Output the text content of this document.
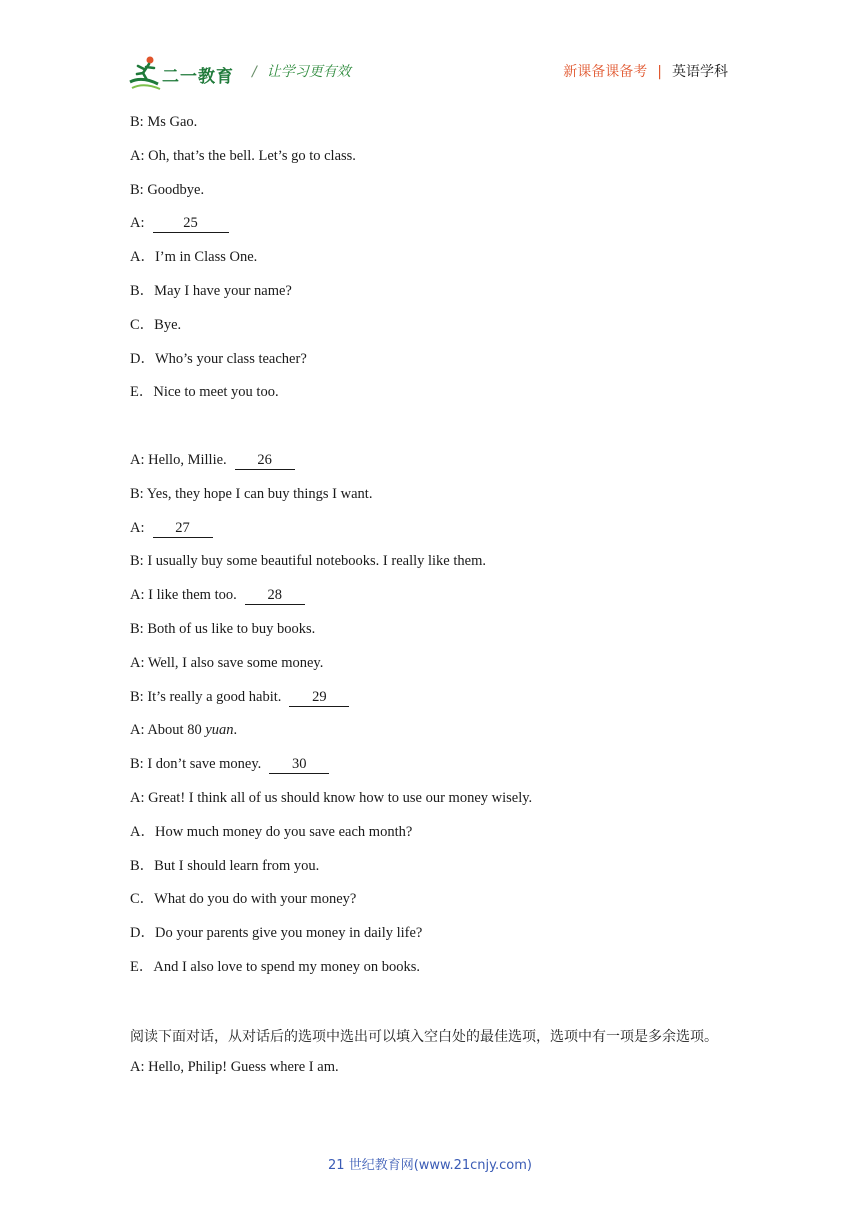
二一教育 / 让学习更有效	新课备课备考 | 英语学科
B: Ms Gao.
A: Oh, that’s the bell. Let’s go to class.
B: Goodbye.
A:	25
A．I’m in Class One.
B．May I have your name?
C．Bye.
D．Who’s your class teacher?
E．Nice to meet you too.
A: Hello, Millie. 26
B: Yes, they hope I can buy things I want.
A: 27
B: I usually buy some beautiful notebooks. I really like them.
A: I like them too. 28
B: Both of us like to buy books.
A: Well, I also save some money.
B: It’s really a good habit. 29
A: About 80 yuan.
B: I don’t save money. 30
A: Great! I think all of us should know how to use our money wisely.
A．How much money do you save each month?
B．But I should learn from you.
C．What do you do with your money?
D．Do your parents give you money in daily life?
E．And I also love to spend my money on books.
阅读下面对话，从对话后的选项中选出可以填入空白处的最佳选项，选项中有一项是多余选项。
A: Hello, Philip! Guess where I am.
21 世纪教育网(www.21cnjy.com)
